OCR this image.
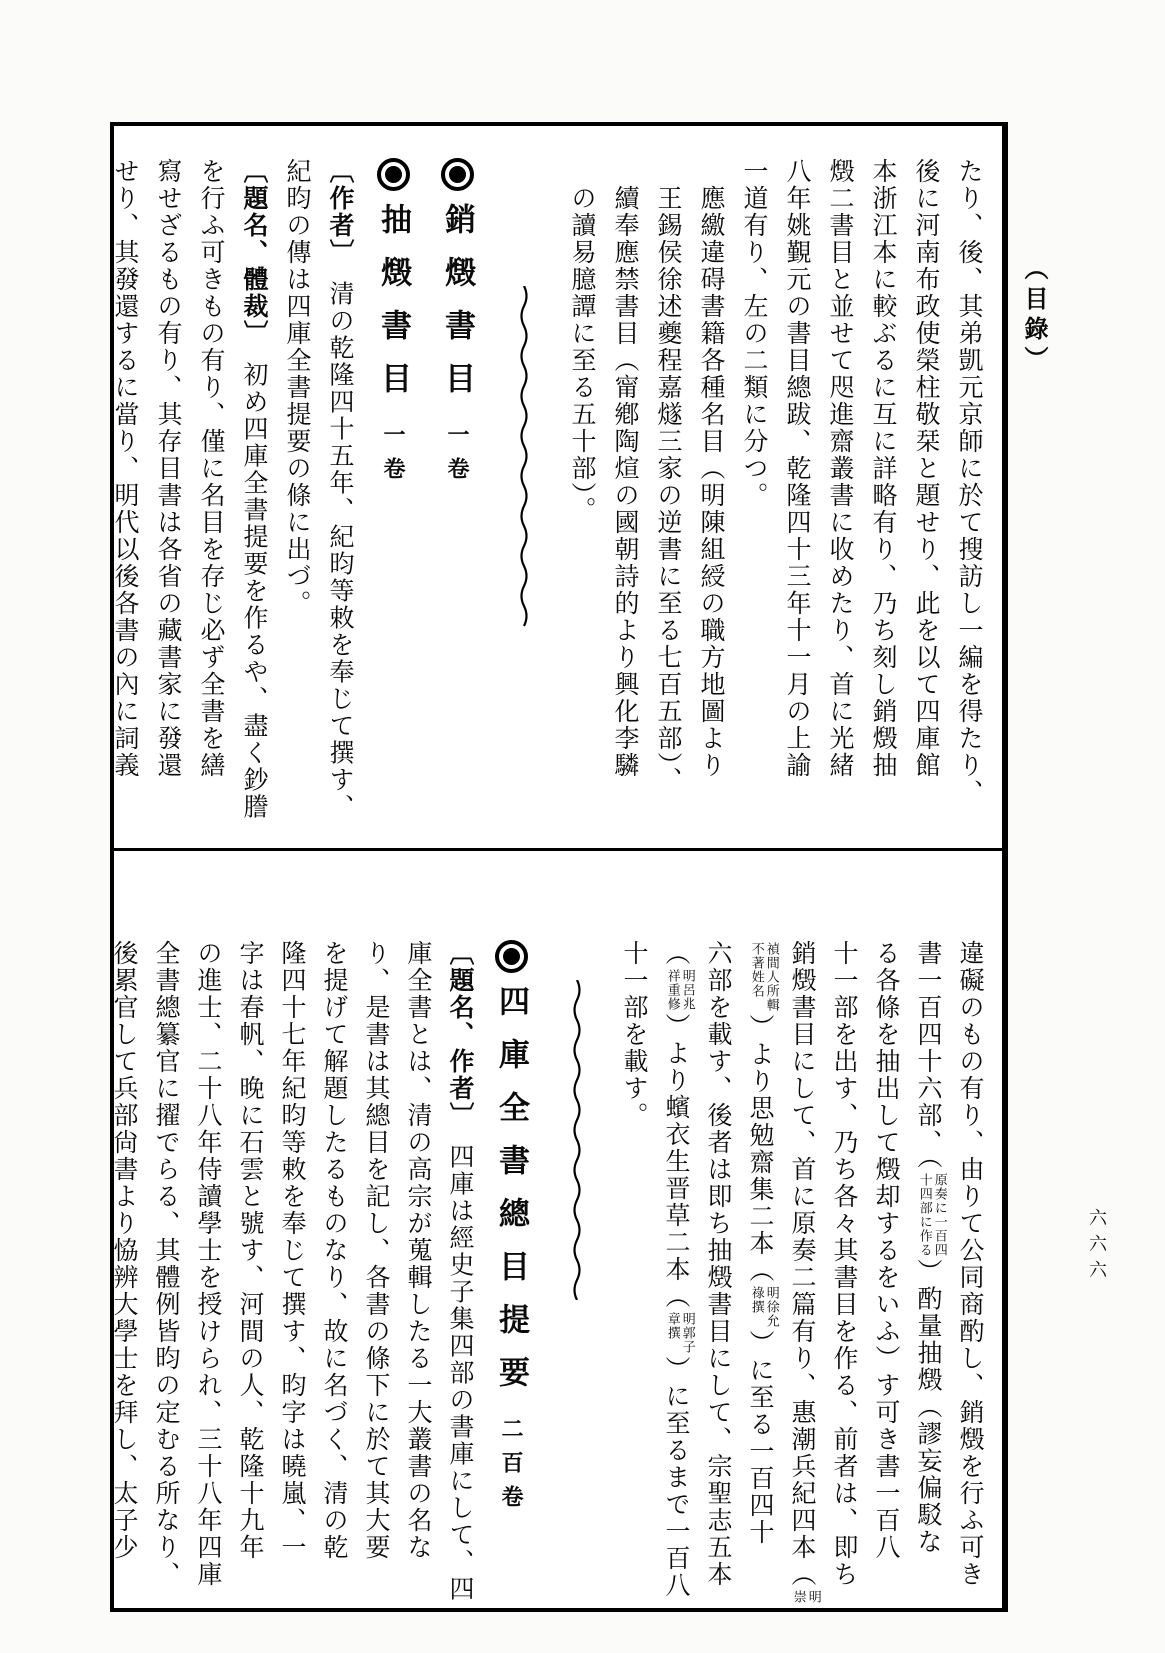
（目錄）
六六六
たり、後、其弟凱元京師に於て搜訪し一編を得たり、
後に河南布政使榮柱敬栞と題せり、此を以て四庫館
本浙江本に較ぶるに互に詳略有り、乃ち刻し銷燬抽
燬二書目と並せて咫進齋叢書に收めたり、首に光緒
八年姚覲元の書目總跋、乾隆四十三年十一月の上諭
一道有り、左の二類に分つ。
應繳違碍書籍各種名目（明陳組綬の職方地圖より
王錫侯徐述夔程嘉燧三家の逆書に至る七百五部）、
續奉應禁書目（甯鄕陶煊の國朝詩的より興化李驎
の讀易臆譚に至る五十部）。
銷燬書目一卷
抽燬書目一卷
〔作者〕　清の乾隆四十五年、紀昀等敕を奉じて撰す、
紀昀の傳は四庫全書提要の條に出づ。
〔題名、體裁〕　初め四庫全書提要を作るや、盡く鈔謄
を行ふ可きもの有り、僅に名目を存じ必ず全書を繕
寫せざるもの有り、其存目書は各省の藏書家に發還
せり、其發還するに當り、明代以後各書の內に詞義
違礙のもの有り、由りて公同商酌し、銷燬を行ふ可き
書一百四十六部、（
原奏に一百四
十四部に作る
）酌量抽燬（謬妄偏駁な
る各條を抽出して燬却するをいふ）す可き書一百八
十一部を出す、乃ち各々其書目を作る、前者は、即ち
銷燬書目にして、首に原奏二篇有り、惠潮兵紀四本（
明
崇
禎間人所輯
不著姓名
）より思勉齋集二本（
明徐允
祿撰
）に至る一百四十
六部を載す、後者は即ち抽燬書目にして、宗聖志五本
（
明呂兆
祥重修
）より蠙衣生晋草二本（
明郭子
章撰
）に至るまで一百八
十一部を載す。
四庫全書總目提要二百卷
〔題名、作者〕　四庫は經史子集四部の書庫にして、四
庫全書とは、清の高宗が蒐輯したる一大叢書の名な
り、是書は其總目を記し、各書の條下に於て其大要
を提げて解題したるものなり、故に名づく、清の乾
隆四十七年紀昀等敕を奉じて撰す、昀字は曉嵐、一
字は春帆、晚に石雲と號す、河間の人、乾隆十九年
の進士、二十八年侍讀學士を授けられ、三十八年四庫
全書總纂官に擢でらる、其體例皆昀の定むる所なり、
後累官して兵部尙書より恊辨大學士を拜し、太子少
